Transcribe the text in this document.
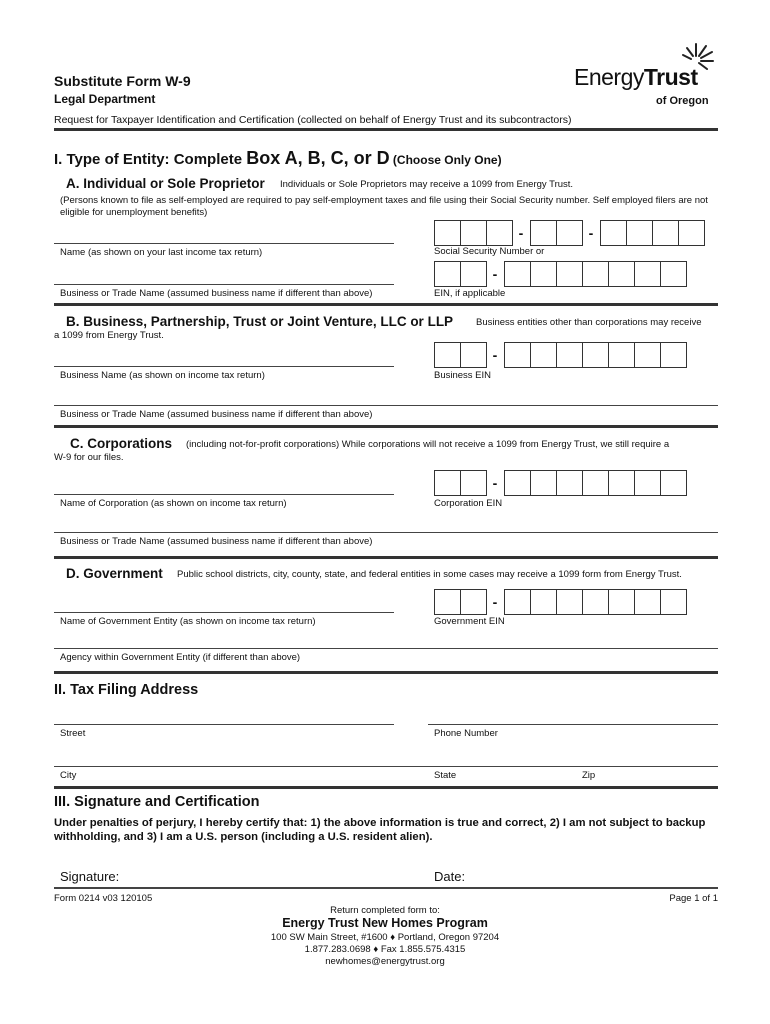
Substitute Form W-9
Legal Department
Request for Taxpayer Identification and Certification (collected on behalf of Energy Trust and its subcontractors)
EnergyTrust
of Oregon
I. Type of Entity: Complete Box A, B, C, or D (Choose Only One)
A. Individual or Sole Proprietor Individuals or Sole Proprietors may receive a 1099 from Energy Trust.
(Persons known to file as self-employed are required to pay self-employment taxes and file using their Social Security number. Self employed filers are not eligible for unemployment benefits)
-	-
Name (as shown on your last income tax return)	Social Security Number or
-
Business or Trade Name (assumed business name if different than above)	EIN, if applicable
B. Business, Partnership, Trust or Joint Venture, LLC or LLP Business entities other than corporations may receive
a 1099 from Energy Trust.
-
Business Name (as shown on income tax return)	Business EIN
Business or Trade Name (assumed business name if different than above)
C. Corporations (including not-for-profit corporations) While corporations will not receive a 1099 from Energy Trust, we still require a
W-9 for our files.
-
Name of Corporation (as shown on income tax return)	Corporation EIN
Business or Trade Name (assumed business name if different than above)
D. Government Public school districts, city, county, state, and federal entities in some cases may receive a 1099 form from Energy Trust.
-
Name of Government Entity (as shown on income tax return)	Government EIN
Agency within Government Entity (if different than above)
II. Tax Filing Address
Street	Phone Number
City	State	Zip
III. Signature and Certification
Under penalties of perjury, I hereby certify that: 1) the above information is true and correct, 2) I am not subject to backup withholding, and 3) I am a U.S. person (including a U.S. resident alien).
Signature:	Date:
Form 0214 v03 120105	Page 1 of 1
Return completed form to:
Energy Trust New Homes Program
100 SW Main Street, #1600 ♦ Portland, Oregon 97204
1.877.283.0698 ♦ Fax 1.855.575.4315
newhomes@energytrust.org
